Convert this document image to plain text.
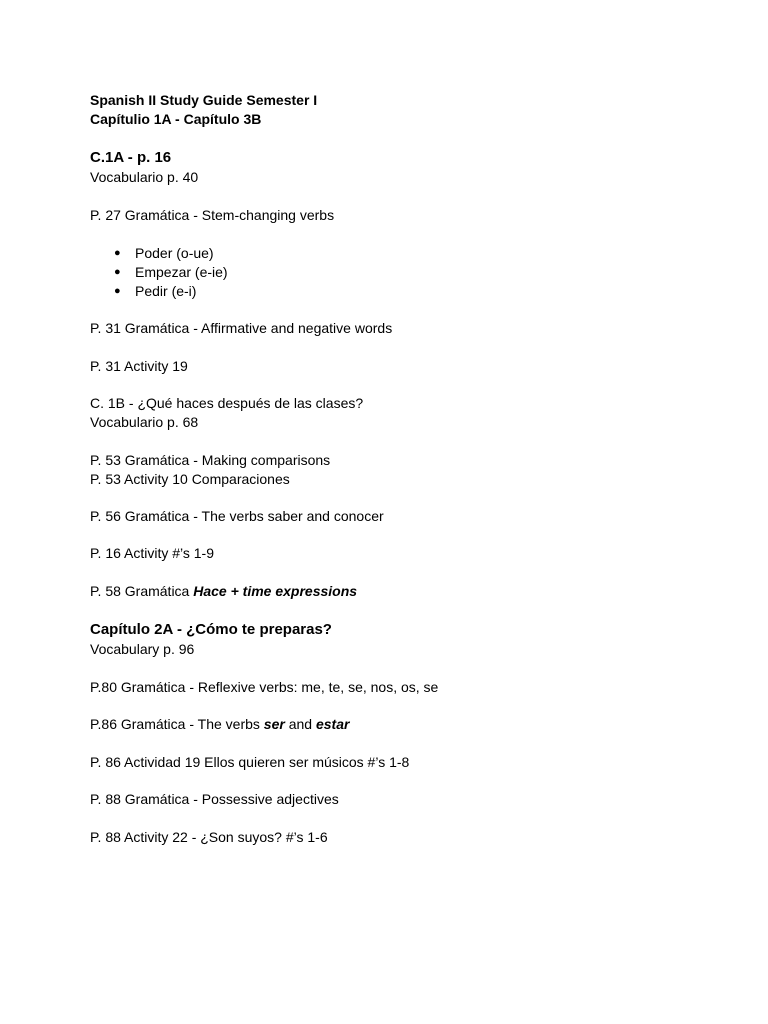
Spanish II Study Guide Semester I
Capítulio 1A - Capítulo 3B
C.1A - p. 16
Vocabulario p. 40
P. 27 Gramática - Stem-changing verbs
● Poder (o-ue)
● Empezar (e-ie)
● Pedir (e-i)
P. 31 Gramática - Affirmative and negative words
P. 31 Activity 19
C. 1B - ¿Qué haces después de las clases?
Vocabulario p. 68
P. 53 Gramática - Making comparisons
P. 53 Activity 10 Comparaciones
P. 56 Gramática - The verbs saber and conocer
P. 16 Activity #’s 1-9
P. 58 Gramática Hace + time expressions
Capítulo 2A - ¿Cómo te preparas?
Vocabulary p. 96
P.80 Gramática - Reflexive verbs: me, te, se, nos, os, se
P.86 Gramática - The verbs ser and estar
P. 86 Actividad 19 Ellos quieren ser músicos #’s 1-8
P. 88 Gramática - Possessive adjectives
P. 88 Activity 22 - ¿Son suyos? #’s 1-6
